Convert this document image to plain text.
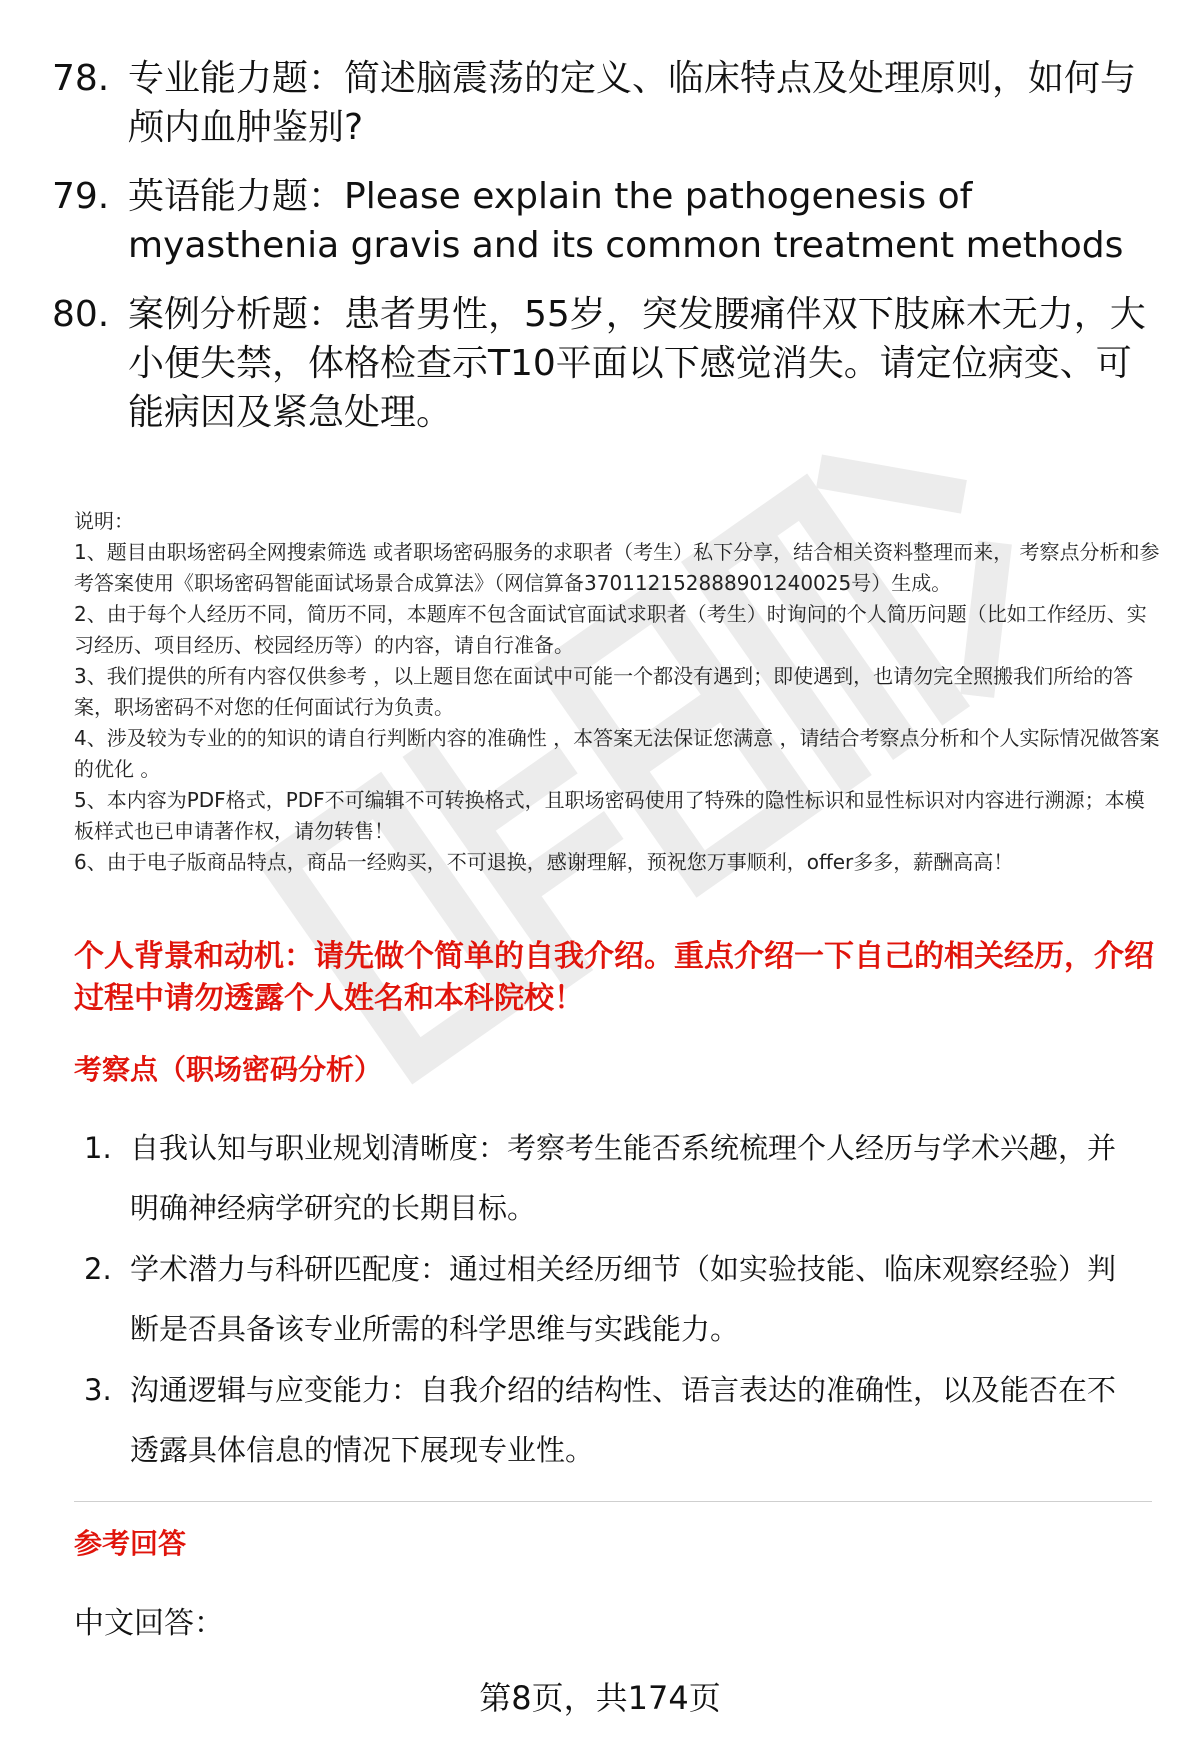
78. 专业能力题：简述脑震荡的定义、临床特点及处理原则，如何与颅内血肿鉴别?
79. 英语能力题：Please explain the pathogenesis of myasthenia gravis and its common treatment methods
80. 案例分析题：患者男性，55岁，突发腰痛伴双下肢麻木无力，大小便失禁，体格检查示T10平面以下感觉消失。请定位病变、可能病因及紧急处理。
说明：
1、题目由职场密码全网搜索筛选 或者职场密码服务的求职者（考生）私下分享，结合相关资料整理而来， 考察点分析和参考答案使用《职场密码智能面试场景合成算法》（网信算备370112152888901240025号）生成。
2、由于每个人经历不同，简历不同，本题库不包含面试官面试求职者（考生）时询问的个人简历问题（比如工作经历、实习经历、项目经历、校园经历等）的内容，请自行准备。
3、我们提供的所有内容仅供参考 ，以上题目您在面试中可能一个都没有遇到；即使遇到，也请勿完全照搬我们所给的答案，职场密码不对您的任何面试行为负责。
4、涉及较为专业的的知识的请自行判断内容的准确性 ，本答案无法保证您满意 ，请结合考察点分析和个人实际情况做答案的优化 。
5、本内容为PDF格式，PDF不可编辑不可转换格式，且职场密码使用了特殊的隐性标识和显性标识对内容进行溯源；本模板样式也已申请著作权，请勿转售！
6、由于电子版商品特点，商品一经购买，不可退换，感谢理解，预祝您万事顺利，offer多多，薪酬高高！
个人背景和动机：请先做个简单的自我介绍。重点介绍一下自己的相关经历，介绍过程中请勿透露个人姓名和本科院校！
考察点（职场密码分析）
1. 自我认知与职业规划清晰度：考察考生能否系统梳理个人经历与学术兴趣，并明确神经病学研究的长期目标。
2. 学术潜力与科研匹配度：通过相关经历细节（如实验技能、临床观察经验）判断是否具备该专业所需的科学思维与实践能力。
3. 沟通逻辑与应变能力：自我介绍的结构性、语言表达的准确性，以及能否在不透露具体信息的情况下展现专业性。
参考回答
中文回答：
第8页，共174页
